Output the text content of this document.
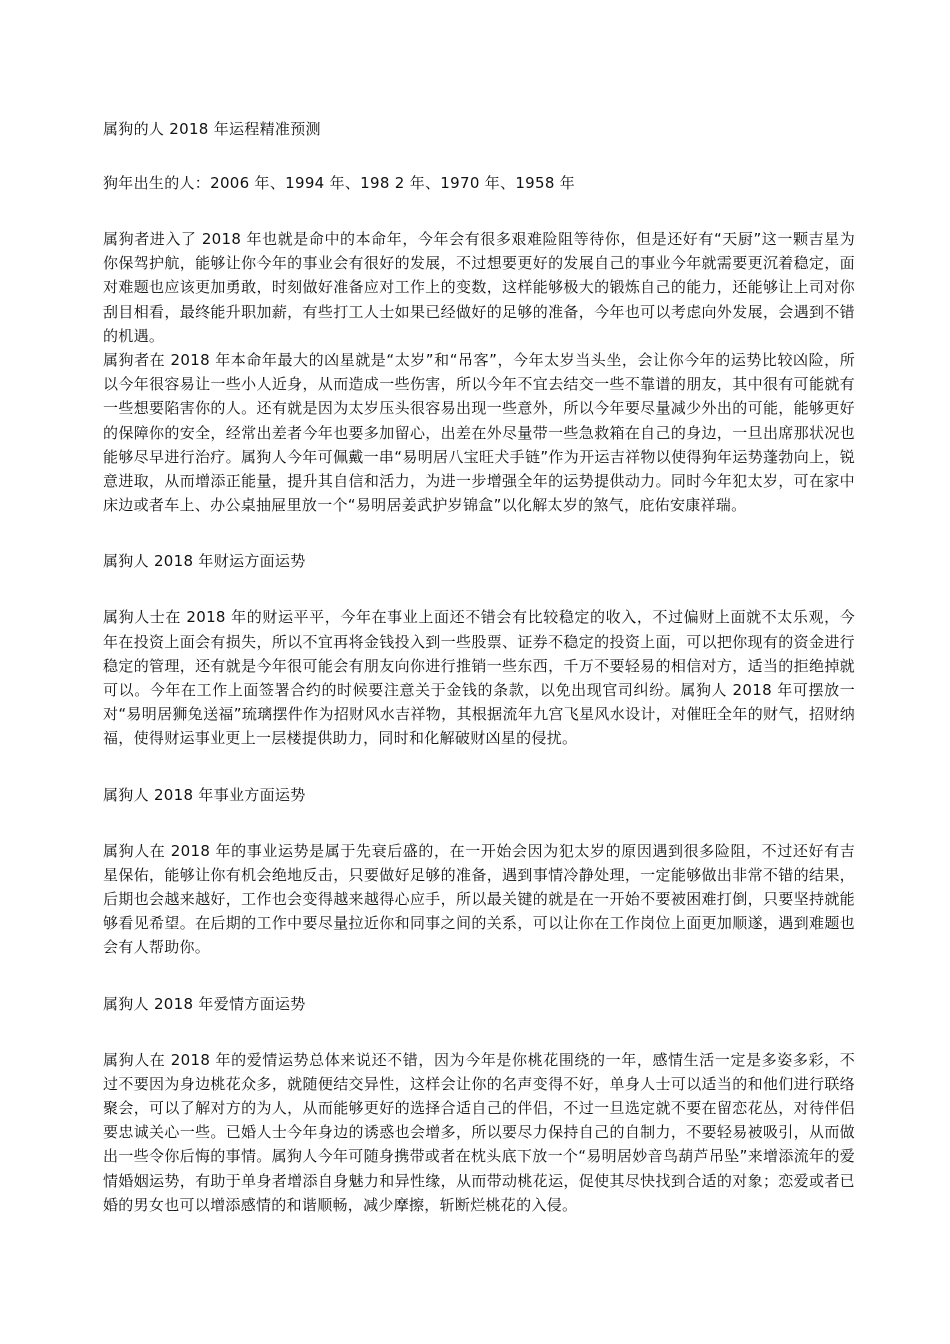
属狗的人 2018 年运程精准预测

狗年出生的人：2006 年、1994 年、198 2 年、1970 年、1958 年

属狗者进入了 2018 年也就是命中的本命年，今年会有很多艰难险阻等待你，但是还好有“天厨”这一颗吉星为你保驾护航，能够让你今年的事业会有很好的发展，不过想要更好的发展自己的事业今年就需要更沉着稳定，面对难题也应该更加勇敢，时刻做好准备应对工作上的变数，这样能够极大的锻炼自己的能力，还能够让上司对你刮目相看，最终能升职加薪，有些打工人士如果已经做好的足够的准备，今年也可以考虑向外发展，会遇到不错的机遇。

属狗者在 2018 年本命年最大的凶星就是“太岁”和“吊客”，今年太岁当头坐，会让你今年的运势比较凶险，所以今年很容易让一些小人近身，从而造成一些伤害，所以今年不宜去结交一些不靠谱的朋友，其中很有可能就有一些想要陷害你的人。还有就是因为太岁压头很容易出现一些意外，所以今年要尽量减少外出的可能，能够更好的保障你的安全，经常出差者今年也要多加留心，出差在外尽量带一些急救箱在自己的身边，一旦出席那状况也能够尽早进行治疗。属狗人今年可佩戴一串“易明居八宝旺犬手链”作为开运吉祥物以使得狗年运势蓬勃向上，锐意进取，从而增添正能量，提升其自信和活力，为进一步增强全年的运势提供动力。同时今年犯太岁，可在家中床边或者车上、办公桌抽屉里放一个“易明居姜武护岁锦盒”以化解太岁的煞气，庇佑安康祥瑞。

属狗人 2018 年财运方面运势

属狗人士在 2018 年的财运平平，今年在事业上面还不错会有比较稳定的收入，不过偏财上面就不太乐观，今年在投资上面会有损失，所以不宜再将金钱投入到一些股票、证券不稳定的投资上面，可以把你现有的资金进行稳定的管理，还有就是今年很可能会有朋友向你进行推销一些东西，千万不要轻易的相信对方，适当的拒绝掉就可以。今年在工作上面签署合约的时候要注意关于金钱的条款，以免出现官司纠纷。属狗人 2018 年可摆放一对“易明居狮兔送福”琉璃摆件作为招财风水吉祥物，其根据流年九宫飞星风水设计，对催旺全年的财气，招财纳福，使得财运事业更上一层楼提供助力，同时和化解破财凶星的侵扰。

属狗人 2018 年事业方面运势

属狗人在 2018 年的事业运势是属于先衰后盛的，在一开始会因为犯太岁的原因遇到很多险阻，不过还好有吉星保佑，能够让你有机会绝地反击，只要做好足够的准备，遇到事情冷静处理，一定能够做出非常不错的结果，后期也会越来越好，工作也会变得越来越得心应手，所以最关键的就是在一开始不要被困难打倒，只要坚持就能够看见希望。在后期的工作中要尽量拉近你和同事之间的关系，可以让你在工作岗位上面更加顺遂，遇到难题也会有人帮助你。

属狗人 2018 年爱情方面运势

属狗人在 2018 年的爱情运势总体来说还不错，因为今年是你桃花围绕的一年，感情生活一定是多姿多彩，不过不要因为身边桃花众多，就随便结交异性，这样会让你的名声变得不好，单身人士可以适当的和他们进行联络聚会，可以了解对方的为人，从而能够更好的选择合适自己的伴侣，不过一旦选定就不要在留恋花丛，对待伴侣要忠诚关心一些。已婚人士今年身边的诱惑也会增多，所以要尽力保持自己的自制力，不要轻易被吸引，从而做出一些令你后悔的事情。属狗人今年可随身携带或者在枕头底下放一个“易明居妙音鸟葫芦吊坠”来增添流年的爱情婚姻运势，有助于单身者增添自身魅力和异性缘，从而带动桃花运，促使其尽快找到合适的对象；恋爱或者已婚的男女也可以增添感情的和谐顺畅，减少摩擦，斩断烂桃花的入侵。
